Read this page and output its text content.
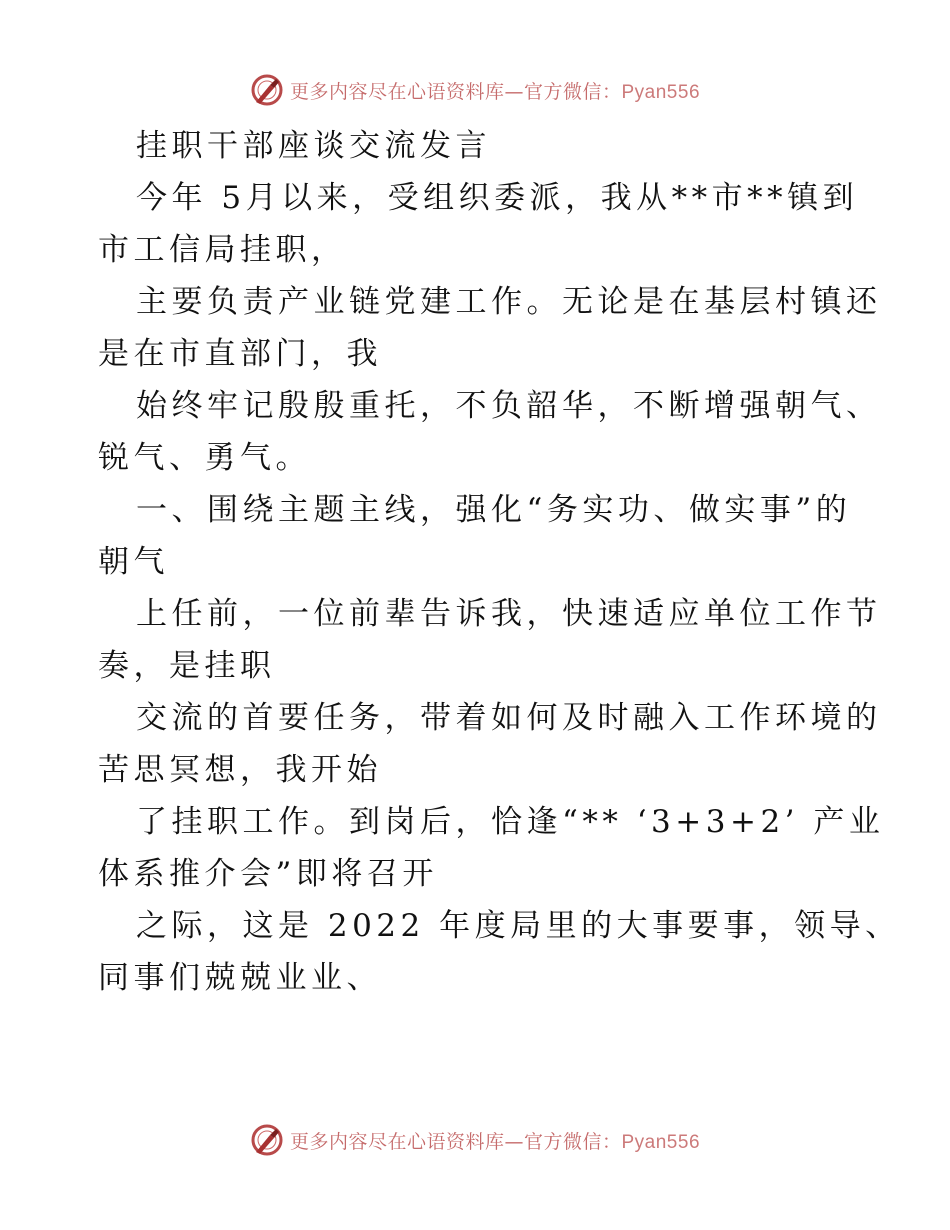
更多内容尽在心语资料库—官方微信：Pyan556
挂职干部座谈交流发言
今年 5月以来，受组织委派，我从**市**镇到
市工信局挂职，
主要负责产业链党建工作。无论是在基层村镇还
是在市直部门，我
始终牢记殷殷重托，不负韶华，不断增强朝气、
锐气、勇气。
一、围绕主题主线，强化“务实功、做实事”的
朝气
上任前，一位前辈告诉我，快速适应单位工作节
奏，是挂职
交流的首要任务，带着如何及时融入工作环境的
苦思冥想，我开始
了挂职工作。到岗后，恰逢“** ‘3+3+2’ 产业
体系推介会”即将召开
之际，这是 2022 年度局里的大事要事，领导、
同事们兢兢业业、
更多内容尽在心语资料库—官方微信：Pyan556
